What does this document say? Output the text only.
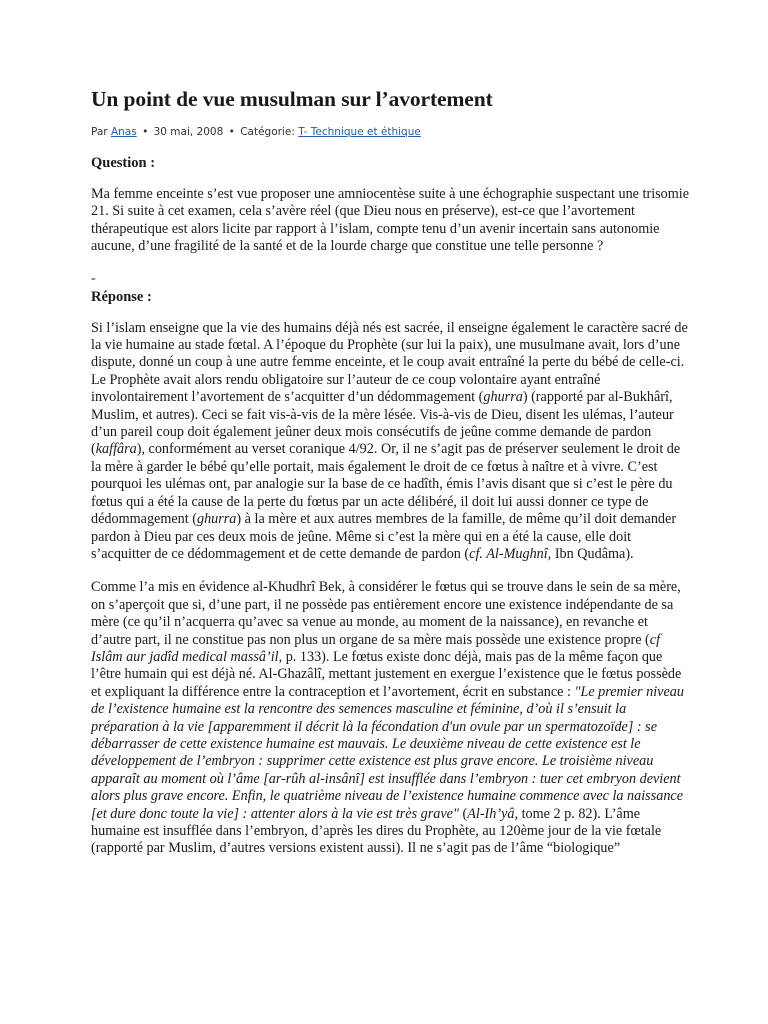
Un point de vue musulman sur l’avortement
Par Anas • 30 mai, 2008 • Catégorie: T- Technique et éthique
Question :

Ma femme enceinte s’est vue proposer une amniocentèse suite à une échographie suspectant une trisomie 21. Si suite à cet examen, cela s’avère réel (que Dieu nous en préserve), est-ce que l’avortement thérapeutique est alors licite par rapport à l’islam, compte tenu d’un avenir incertain sans autonomie aucune, d’une fragilité de la santé et de la lourde charge que constitue une telle personne ?

-
Réponse :

Si l’islam enseigne que la vie des humains déjà nés est sacrée, il enseigne également le caractère sacré de la vie humaine au stade fœtal. A l’époque du Prophète (sur lui la paix), une musulmane avait, lors d’une dispute, donné un coup à une autre femme enceinte, et le coup avait entraîné la perte du bébé de celle-ci. Le Prophète avait alors rendu obligatoire sur l’auteur de ce coup volontaire ayant entraîné involontairement l’avortement de s’acquitter d’un dédommagement (ghurra) (rapporté par al-Bukhârî, Muslim, et autres). Ceci se fait vis-à-vis de la mère lésée. Vis-à-vis de Dieu, disent les ulémas, l’auteur d’un pareil coup doit également jeûner deux mois consécutifs de jeûne comme demande de pardon (kaffâra), conformément au verset coranique 4/92. Or, il ne s’agit pas de préserver seulement le droit de la mère à garder le bébé qu’elle portait, mais également le droit de ce fœtus à naître et à vivre. C’est pourquoi les ulémas ont, par analogie sur la base de ce hadîth, émis l’avis disant que si c’est le père du fœtus qui a été la cause de la perte du fœtus par un acte délibéré, il doit lui aussi donner ce type de dédommagement (ghurra) à la mère et aux autres membres de la famille, de même qu’il doit demander pardon à Dieu par ces deux mois de jeûne. Même si c’est la mère qui en a été la cause, elle doit s’acquitter de ce dédommagement et de cette demande de pardon (cf. Al-Mughnî, Ibn Qudâma).

Comme l’a mis en évidence al-Khudhrî Bek, à considérer le fœtus qui se trouve dans le sein de sa mère, on s’aperçoit que si, d’une part, il ne possède pas entièrement encore une existence indépendante de sa mère (ce qu’il n’acquerra qu’avec sa venue au monde, au moment de la naissance), en revanche et d’autre part, il ne constitue pas non plus un organe de sa mère mais possède une existence propre (cf Islâm aur jadîd medical massâ’il, p. 133). Le fœtus existe donc déjà, mais pas de la même façon que l’être humain qui est déjà né. Al-Ghazâlî, mettant justement en exergue l’existence que le fœtus possède et expliquant la différence entre la contraception et l’avortement, écrit en substance : "Le premier niveau de l’existence humaine est la rencontre des semences masculine et féminine, d’où il s’ensuit la préparation à la vie [apparemment il décrit là la fécondation d'un ovule par un spermatozoïde] : se débarrasser de cette existence humaine est mauvais. Le deuxième niveau de cette existence est le développement de l’embryon : supprimer cette existence est plus grave encore. Le troisième niveau apparaît au moment où l’âme [ar-rûh al-insânî] est insufflée dans l’embryon : tuer cet embryon devient alors plus grave encore. Enfin, le quatrième niveau de l’existence humaine commence avec la naissance [et dure donc toute la vie] : attenter alors à la vie est très grave" (Al-Ih’yâ, tome 2 p. 82). L’âme humaine est insufflée dans l’embryon, d’après les dires du Prophète, au 120ème jour de la vie fœtale (rapporté par Muslim, d’autres versions existent aussi). Il ne s’agit pas de l’âme “biologique”
